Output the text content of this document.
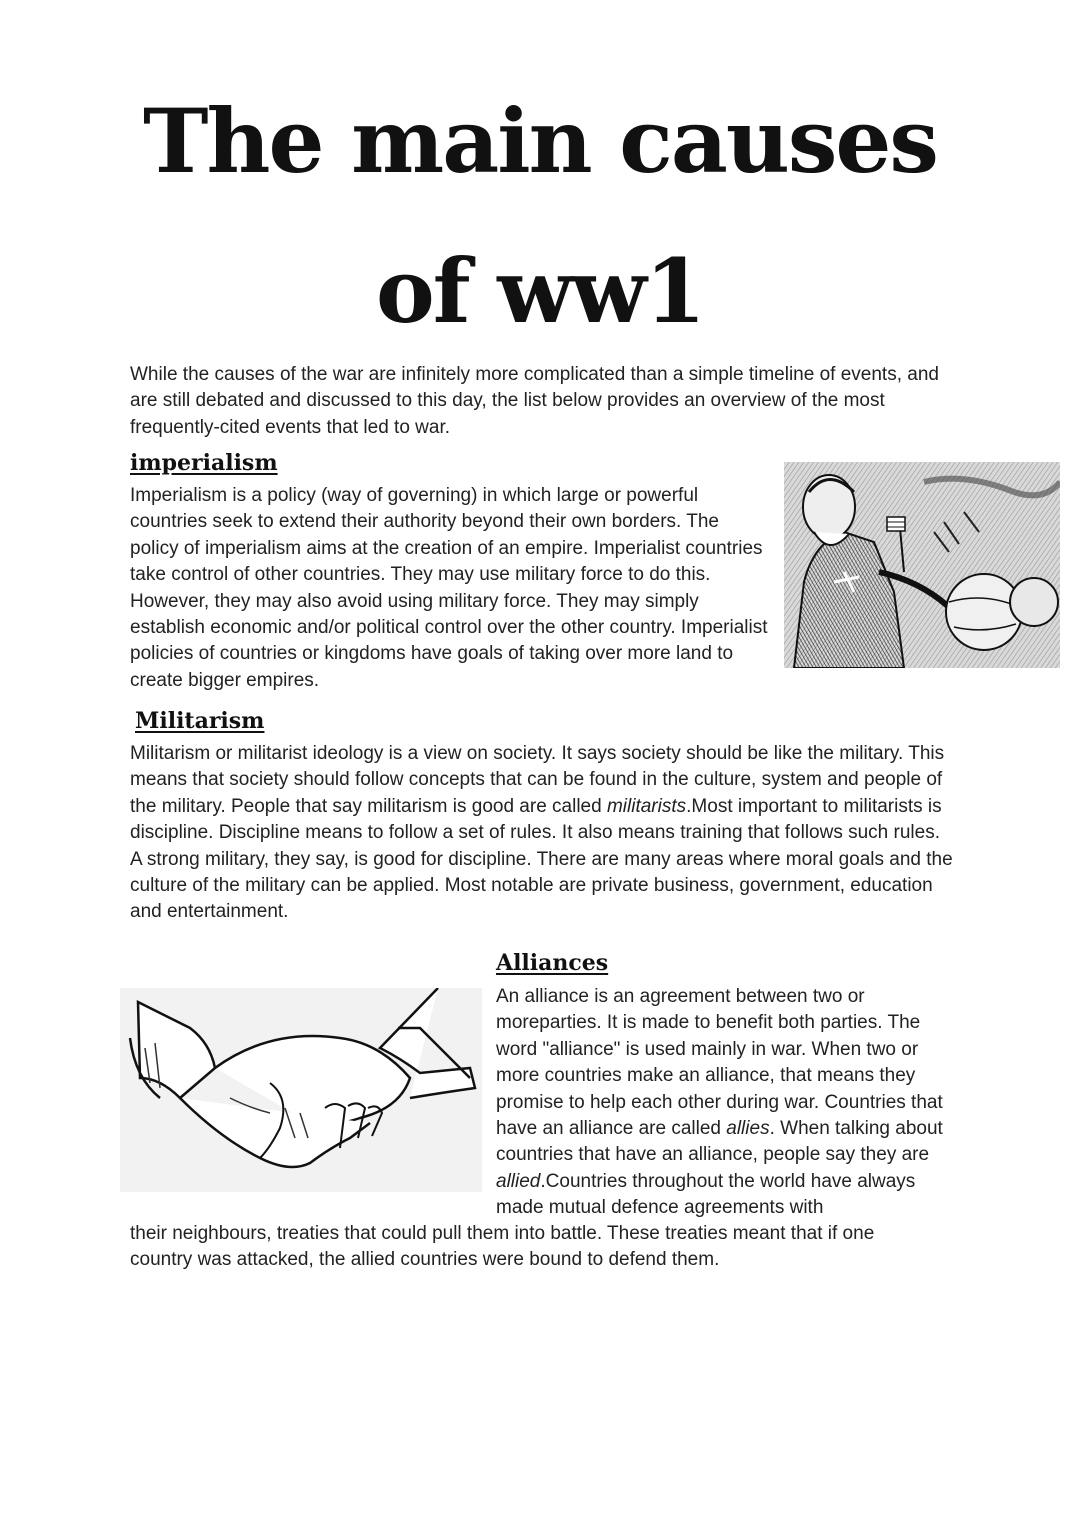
The main causes
of ww1

While the causes of the war are infinitely more complicated than a simple timeline of events, and are still debated and discussed to this day, the list below provides an overview of the most frequently-cited events that led to war.

imperialism

Imperialism is a policy (way of governing) in which large or powerful countries seek to extend their authority beyond their own borders. The policy of imperialism aims at the creation of an empire. Imperialist countries take control of other countries. They may use military force to do this. However, they may also avoid using military force. They may simply establish economic and/or political control over the other country. Imperialist policies of countries or kingdoms have goals of taking over more land to create bigger empires.

Militarism

Militarism or militarist ideology is a view on society. It says society should be like the military. This means that society should follow concepts that can be found in the culture, system and people of the military. People that say militarism is good are called militarists.Most important to militarists is discipline. Discipline means to follow a set of rules. It also means training that follows such rules. A strong military, they say, is good for discipline. There are many areas where moral goals and the culture of the military can be applied. Most notable are private business, government, education and entertainment.

Alliances

An alliance is an agreement between two or moreparties. It is made to benefit both parties. The word "alliance" is used mainly in war. When two or more countries make an alliance, that means they promise to help each other during war. Countries that have an alliance are called allies. When talking about countries that have an alliance, people say they are allied.Countries throughout the world have always made mutual defence agreements with

their neighbours, treaties that could pull them into battle. These treaties meant that if one country was attacked, the allied countries were bound to defend them.
